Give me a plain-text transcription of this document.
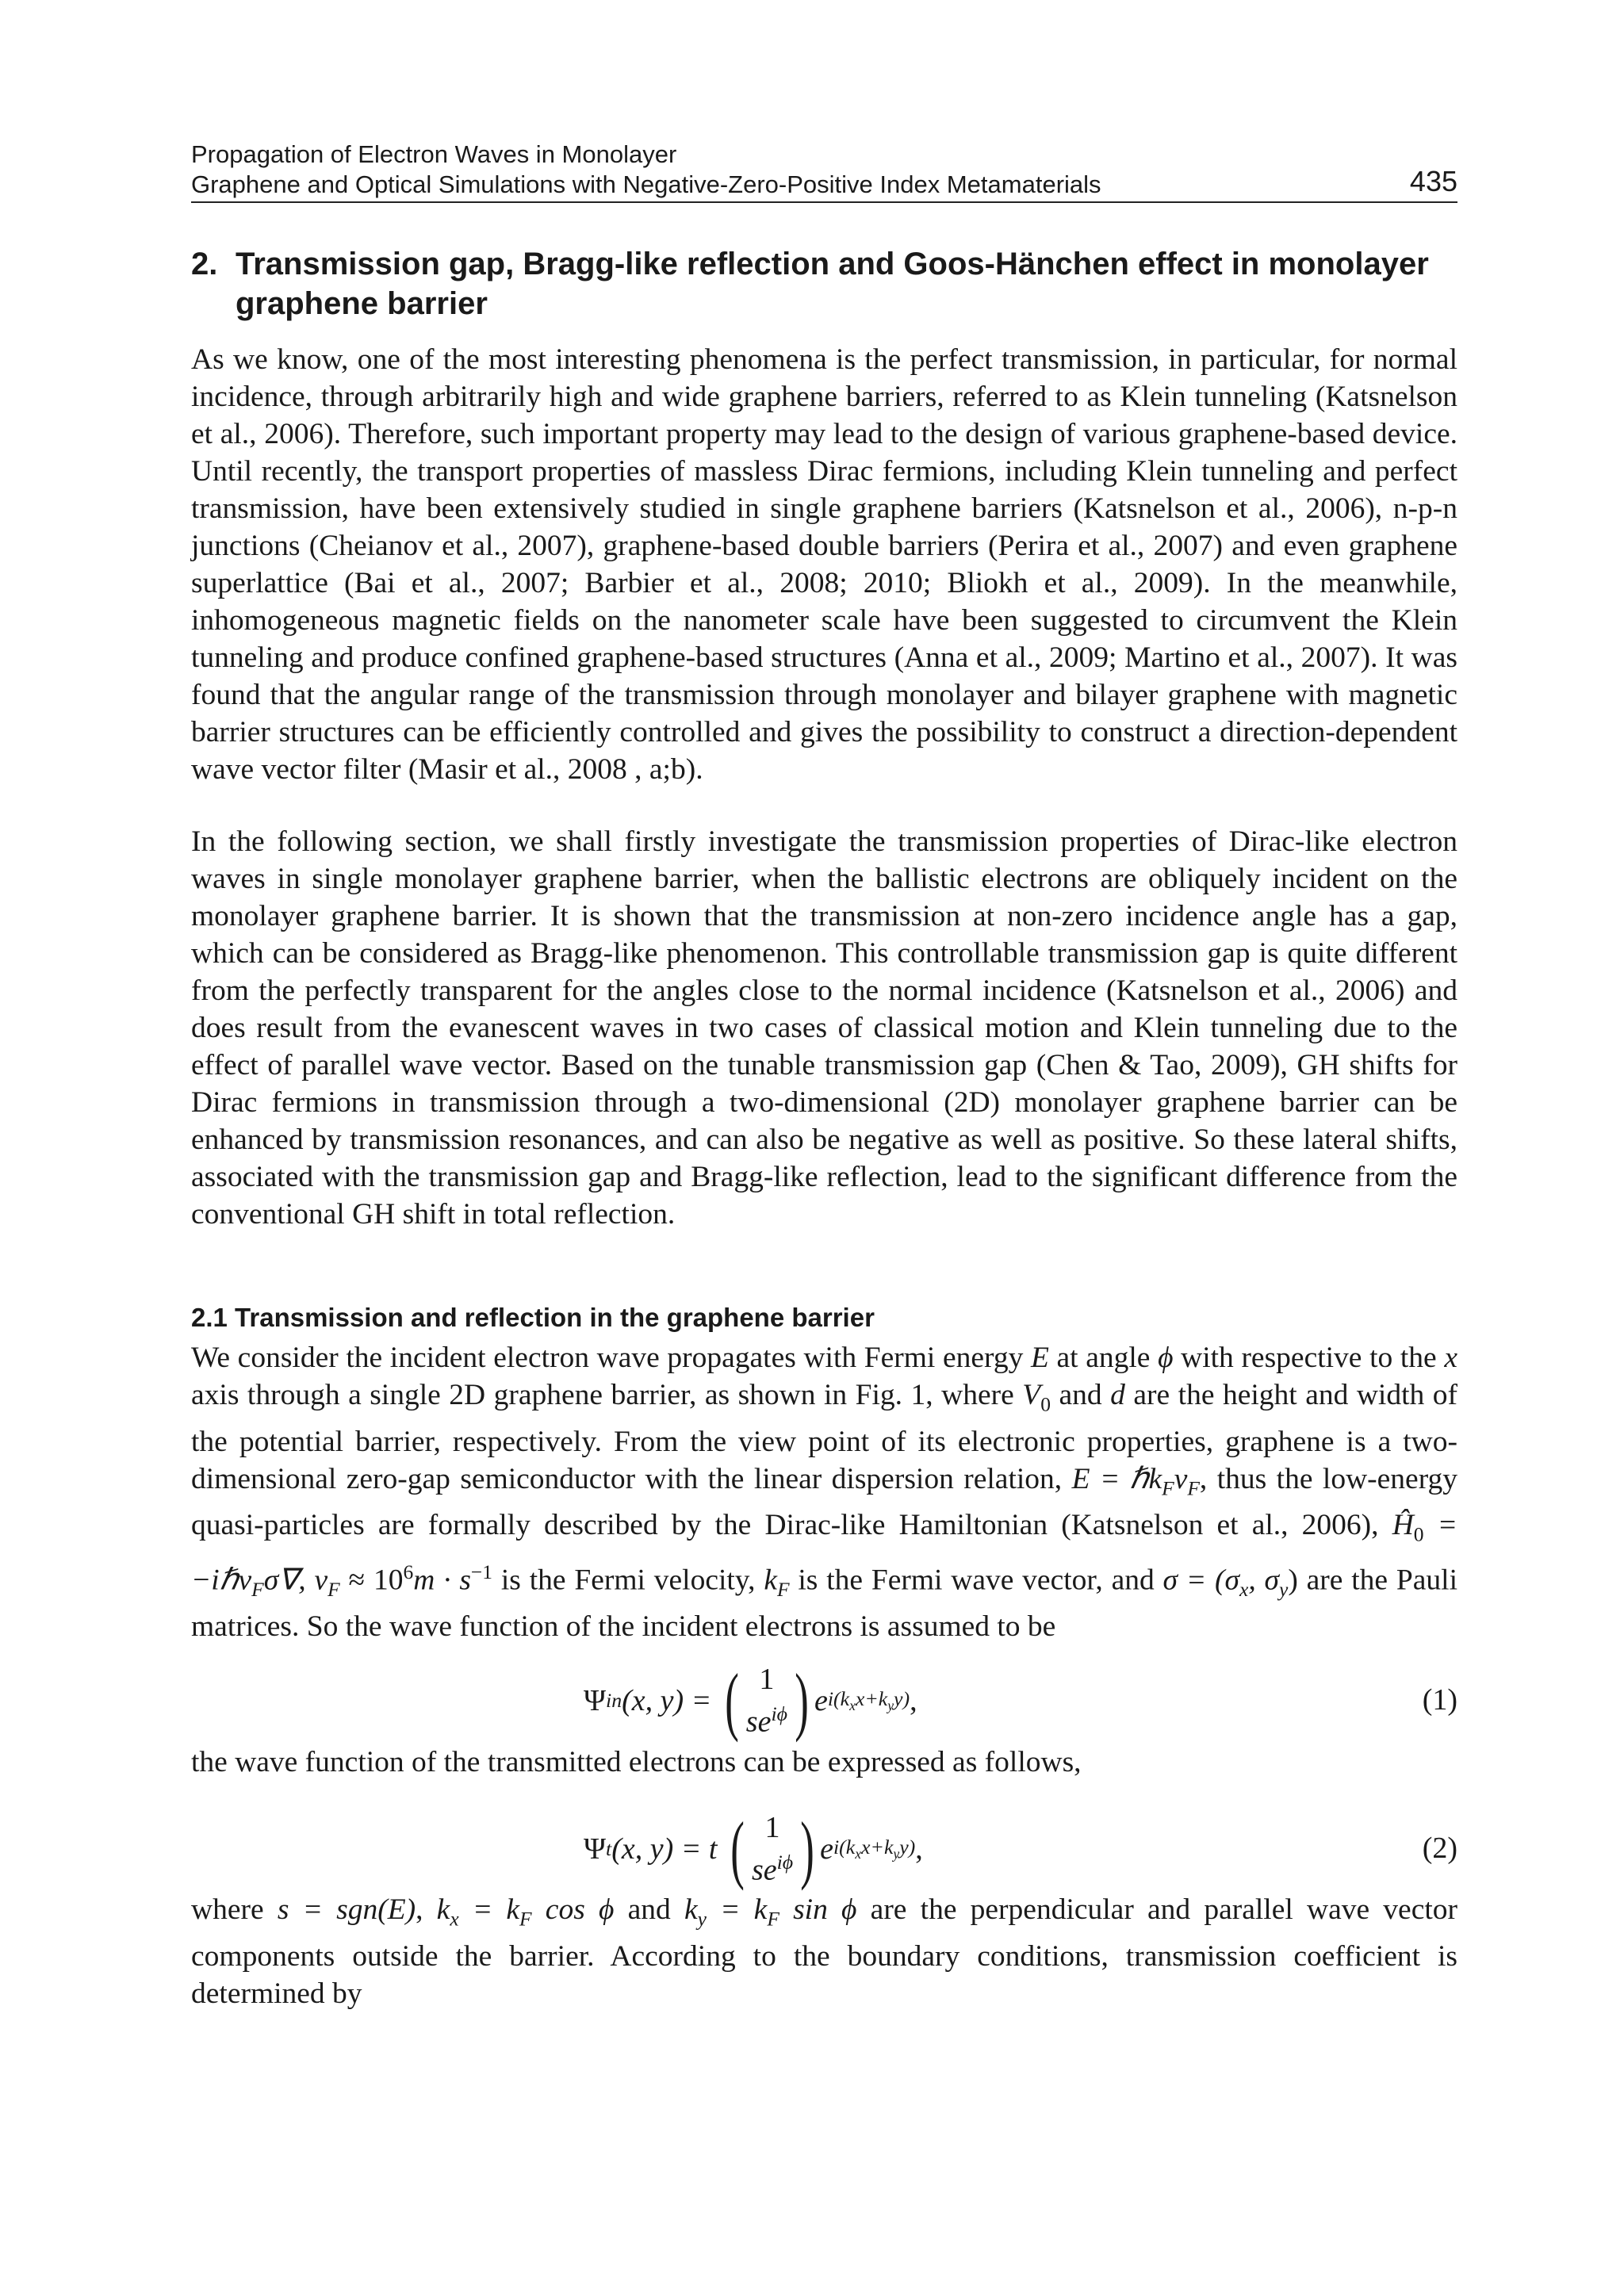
Propagation of Electron Waves in Monolayer
Graphene and Optical Simulations with Negative-Zero-Positive Index Metamaterials	435
2. Transmission gap, Bragg-like reflection and Goos-Hänchen effect in monolayer graphene barrier

As we know, one of the most interesting phenomena is the perfect transmission, in particular, for normal incidence, through arbitrarily high and wide graphene barriers, referred to as Klein tunneling (Katsnelson et al., 2006). Therefore, such important property may lead to the design of various graphene-based device. Until recently, the transport properties of massless Dirac fermions, including Klein tunneling and perfect transmission, have been extensively studied in single graphene barriers (Katsnelson et al., 2006), n-p-n junctions (Cheianov et al., 2007), graphene-based double barriers (Perira et al., 2007) and even graphene superlattice (Bai et al., 2007; Barbier et al., 2008; 2010; Bliokh et al., 2009). In the meanwhile, inhomogeneous magnetic fields on the nanometer scale have been suggested to circumvent the Klein tunneling and produce confined graphene-based structures (Anna et al., 2009; Martino et al., 2007). It was found that the angular range of the transmission through monolayer and bilayer graphene with magnetic barrier structures can be efficiently controlled and gives the possibility to construct a direction-dependent wave vector filter (Masir et al., 2008 , a;b).

In the following section, we shall firstly investigate the transmission properties of Dirac-like electron waves in single monolayer graphene barrier, when the ballistic electrons are obliquely incident on the monolayer graphene barrier. It is shown that the transmission at non-zero incidence angle has a gap, which can be considered as Bragg-like phenomenon. This controllable transmission gap is quite different from the perfectly transparent for the angles close to the normal incidence (Katsnelson et al., 2006) and does result from the evanescent waves in two cases of classical motion and Klein tunneling due to the effect of parallel wave vector. Based on the tunable transmission gap (Chen & Tao, 2009), GH shifts for Dirac fermions in transmission through a two-dimensional (2D) monolayer graphene barrier can be enhanced by transmission resonances, and can also be negative as well as positive. So these lateral shifts, associated with the transmission gap and Bragg-like reflection, lead to the significant difference from the conventional GH shift in total reflection.

2.1 Transmission and reflection in the graphene barrier

We consider the incident electron wave propagates with Fermi energy E at angle ϕ with respective to the x axis through a single 2D graphene barrier, as shown in Fig. 1, where $V_0$ and d are the height and width of the potential barrier, respectively. From the view point of its electronic properties, graphene is a two-dimensional zero-gap semiconductor with the linear dispersion relation, $E = \hbar k_Fv_F$, thus the low-energy quasi-particles are formally described by the Dirac-like Hamiltonian (Katsnelson et al., 2006), $Ĥ_0$ = −iℏv$_F$σ∇, $v_F \approx 10^6m \cdot s^{-1}$ is the Fermi velocity, $k_F$ is the Fermi wave vector, and $\sigma = (\sigma_x$, $\sigma_y$) are the Pauli matrices. So the wave function of the incident electrons is assumed to be

Ψ in (x, y) =
( 1
$se^{i\phi}$ ) e $i(k_xx+k_yy)$ ,	(1)

the wave function of the transmitted electrons can be expressed as follows,

Ψ t (x, y) = t
( 1
$se^{i\phi}$ ) e $i(k_xx+k_yy)$ ,	(2)

where s = sgn(E), $k_x = k_F$ cos ϕ and $k_y = k_F$ sin ϕ are the perpendicular and parallel wave vector components outside the barrier. According to the boundary conditions, transmission coefficient is determined by
